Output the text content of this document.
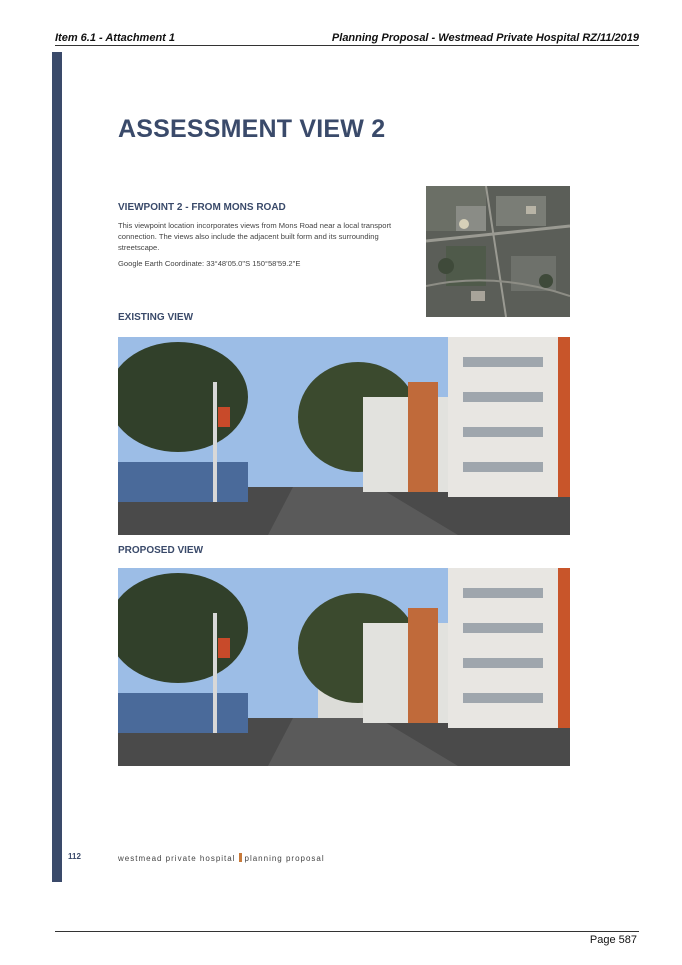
Item 6.1 - Attachment 1	Planning Proposal - Westmead Private Hospital RZ/11/2019
ASSESSMENT VIEW 2
VIEWPOINT 2 - FROM MONS ROAD
This viewpoint location incorporates views from Mons Road near a local transport connection. The views also include the adjacent built form and its surrounding streetscape.
Google Earth Coordinate: 33°48'05.0"S 150°58'59.2"E
EXISTING VIEW
PROPOSED VIEW
112	westmead private hospital planning proposal
Page 587
